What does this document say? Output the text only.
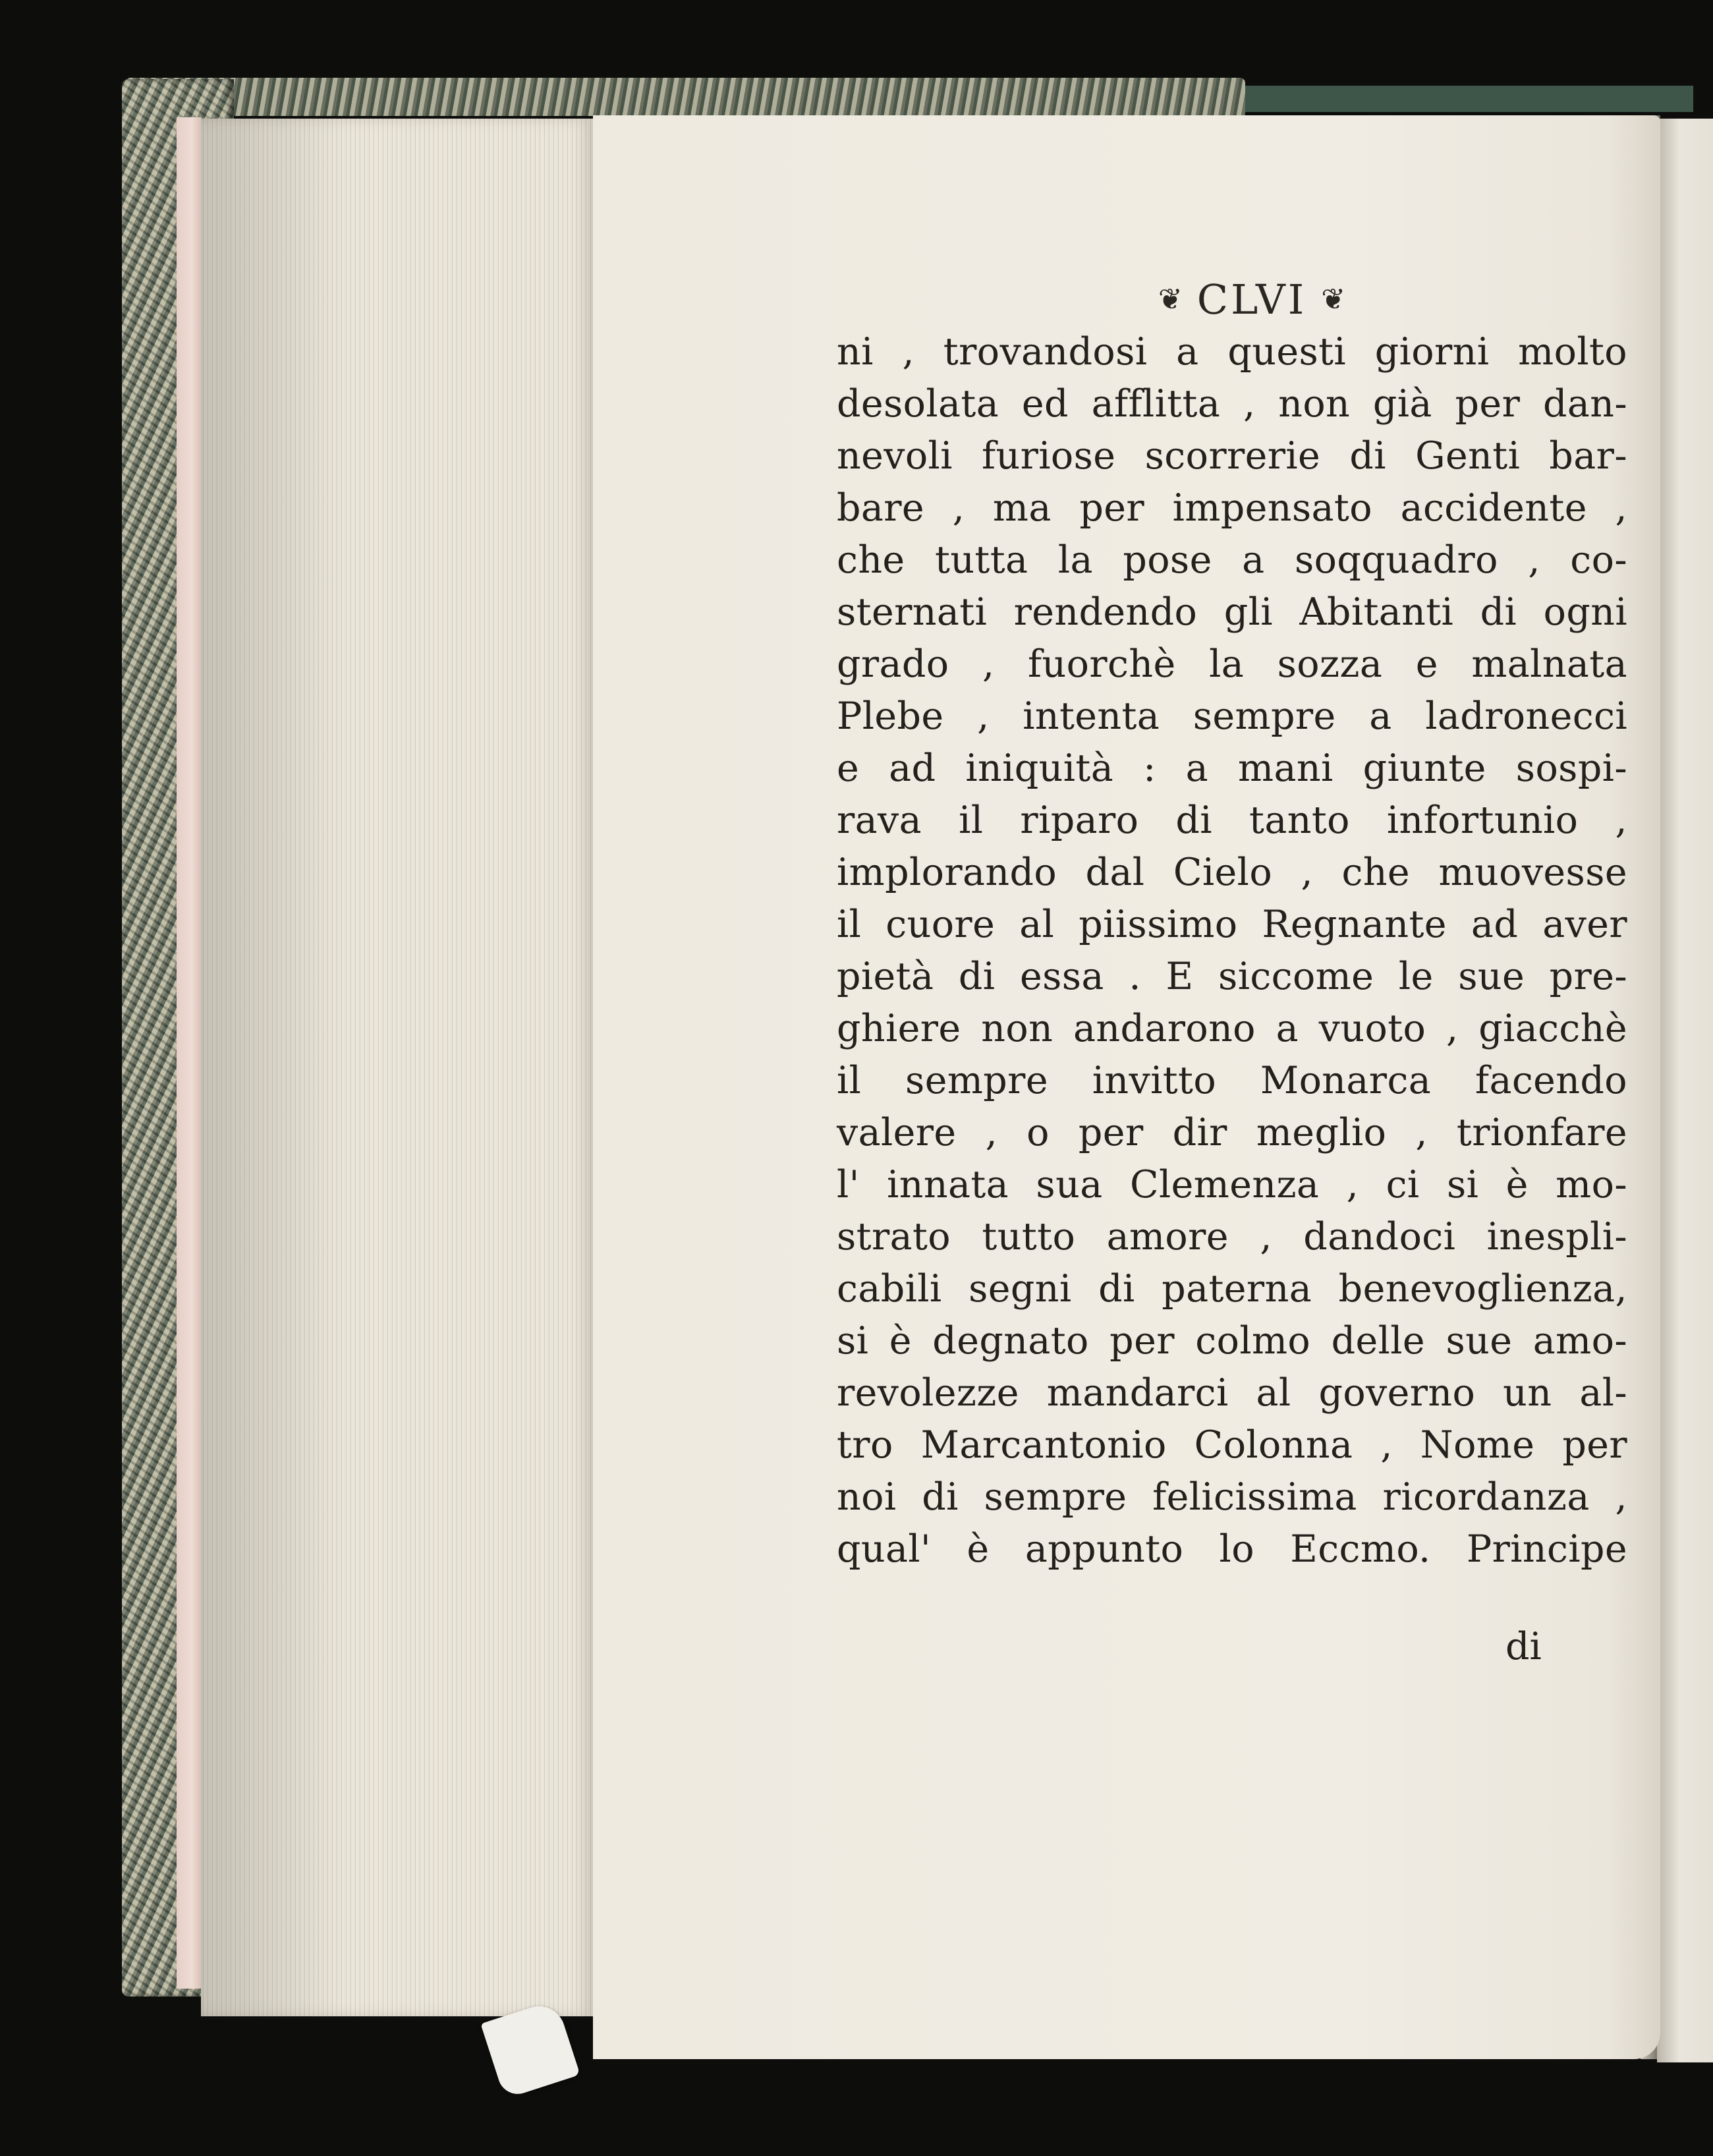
❦ CLVI ❦
ni , trovandosi a questi giorni molto
desolata ed afflitta , non già per dan-
nevoli furiose scorrerie di Genti bar-
bare , ma per impensato accidente ,
che tutta la pose a soqquadro , co-
sternati rendendo gli Abitanti di ogni
grado , fuorchè la sozza e malnata
Plebe , intenta sempre a ladronecci
e ad iniquità : a mani giunte sospi-
rava il riparo di tanto infortunio ,
implorando dal Cielo , che muovesse
il cuore al piissimo Regnante ad aver
pietà di essa . E siccome le sue pre-
ghiere non andarono a vuoto , giacchè
il sempre invitto Monarca facendo
valere , o per dir meglio , trionfare
l' innata sua Clemenza , ci si è mo-
strato tutto amore , dandoci inespli-
cabili segni di paterna benevoglienza,
si è degnato per colmo delle sue amo-
revolezze mandarci al governo un al-
tro Marcantonio Colonna , Nome per
noi di sempre felicissima ricordanza ,
qual' è appunto lo Eccmo. Principe
di
